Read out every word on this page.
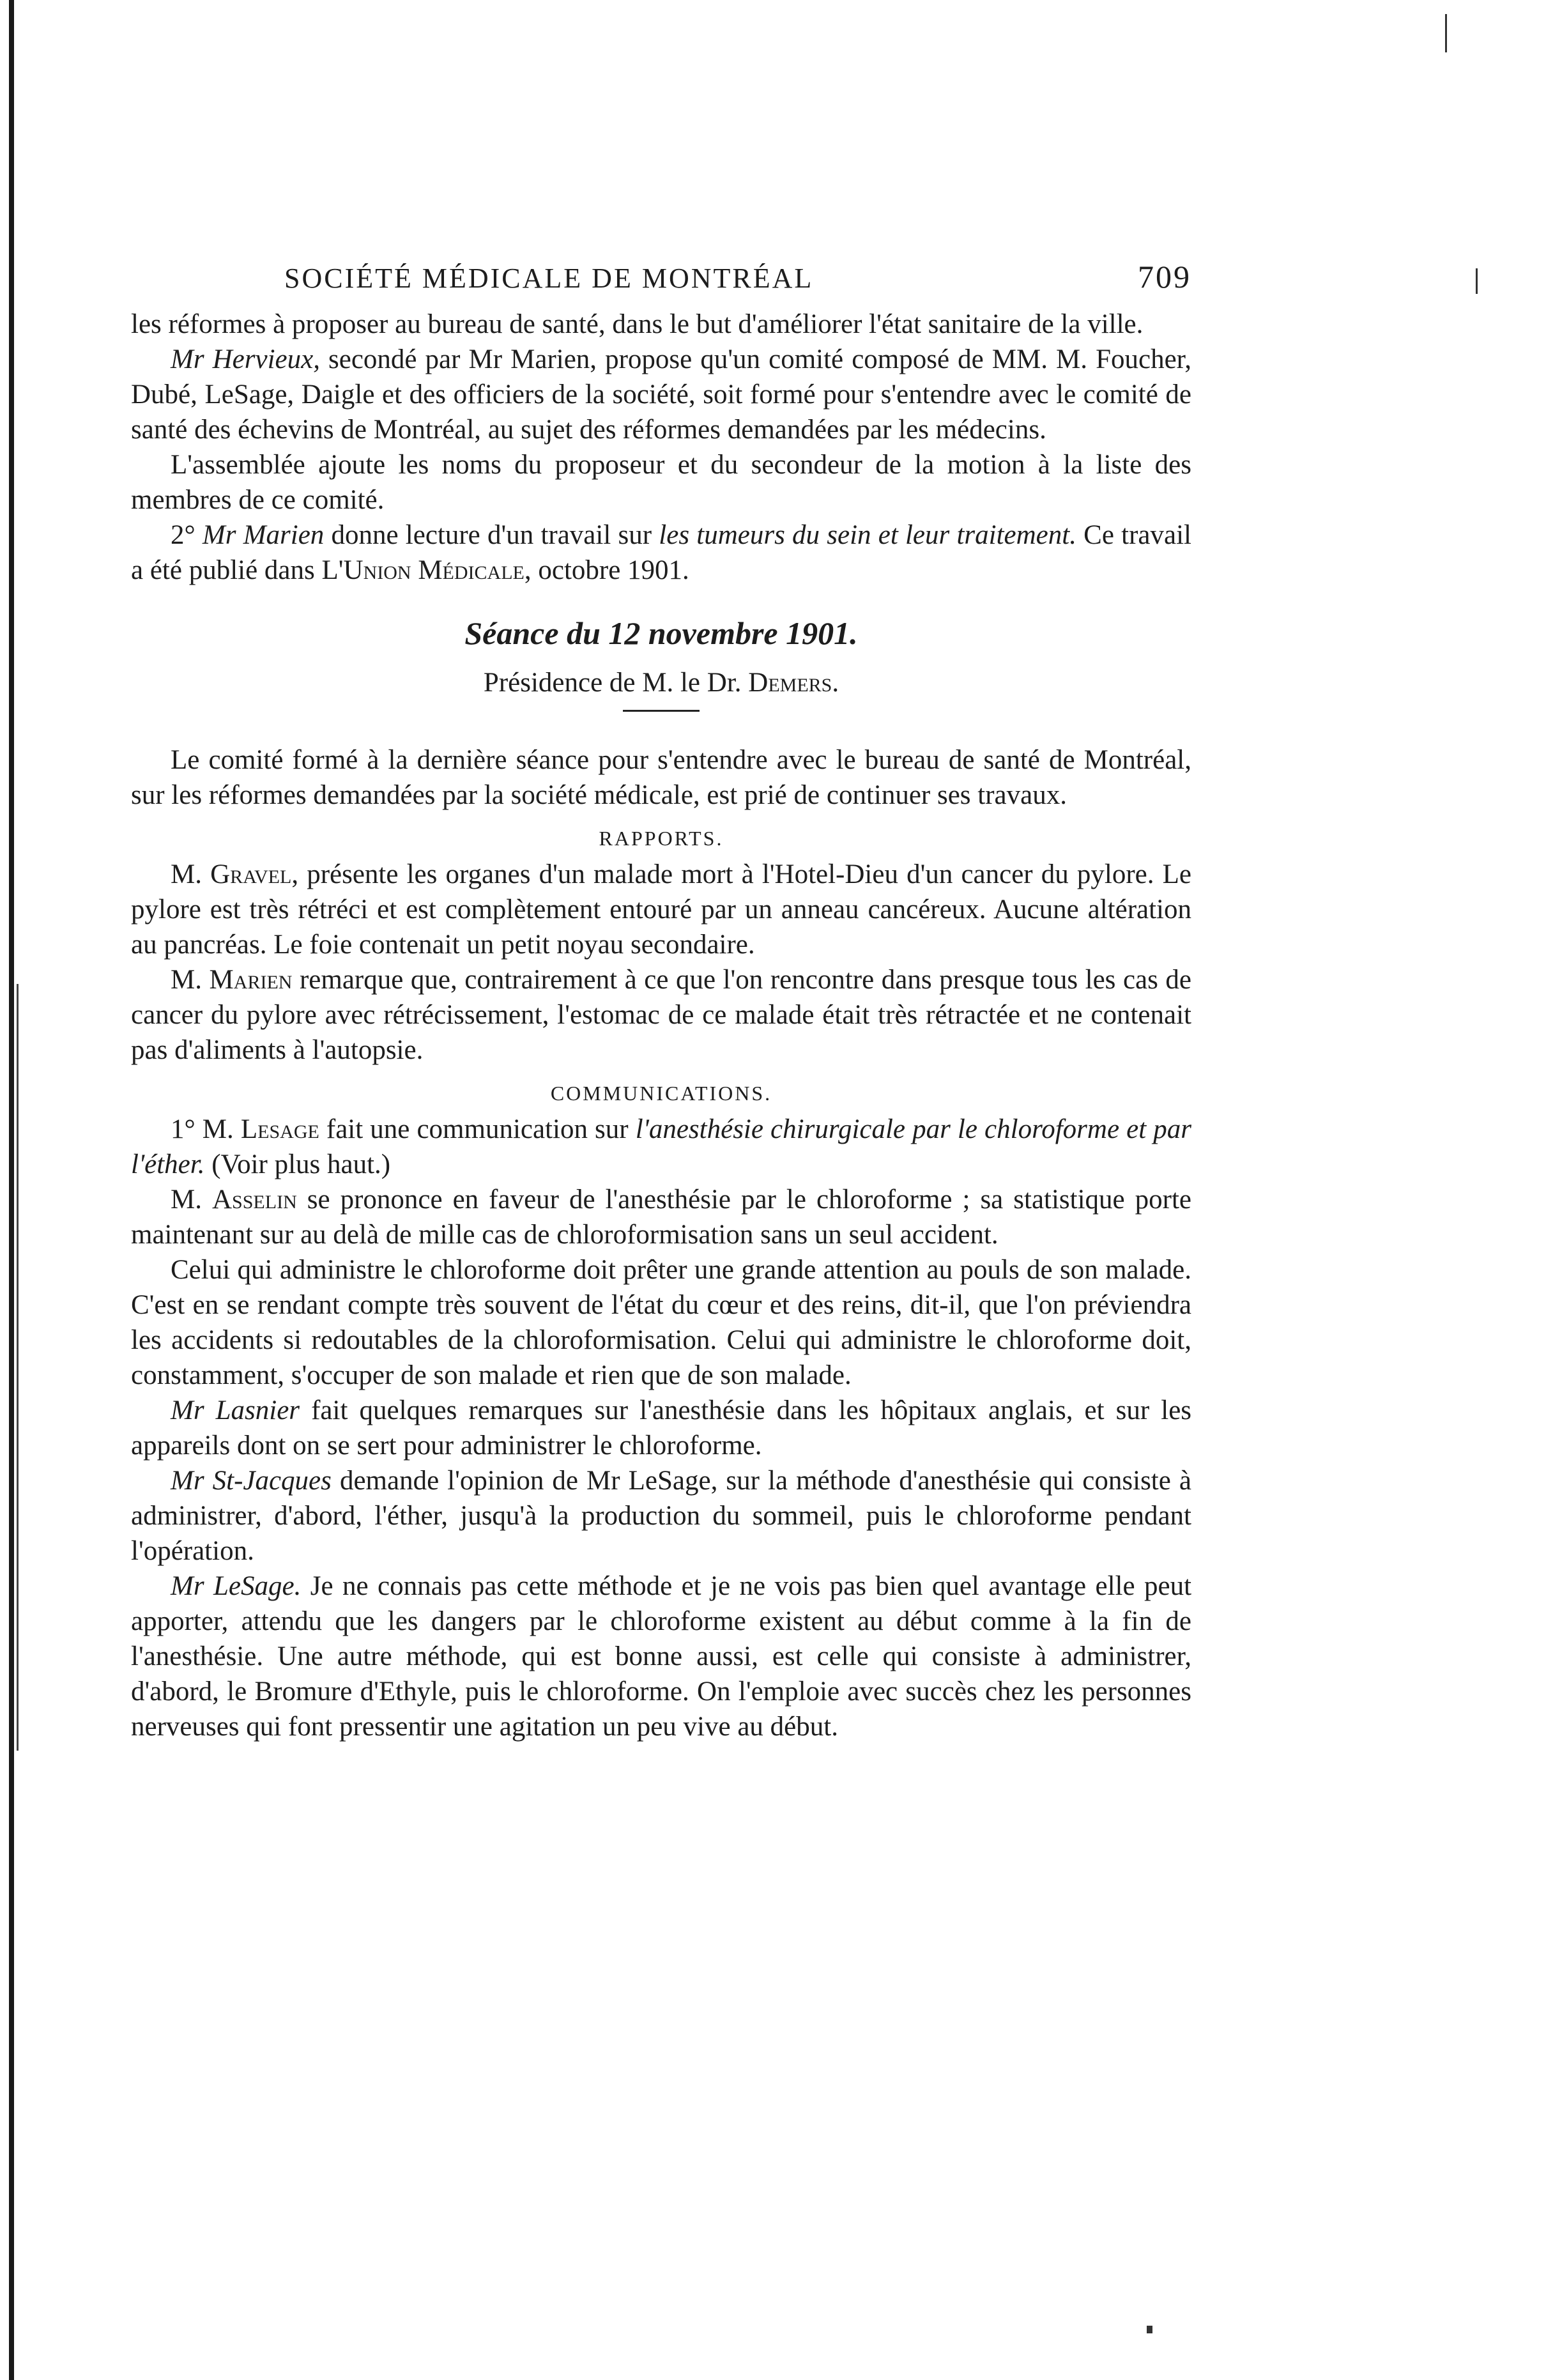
SOCIÉTÉ MÉDICALE DE MONTRÉAL	709

les réformes à proposer au bureau de santé, dans le but d'améliorer l'état sanitaire de la ville.

Mr Hervieux, secondé par Mr Marien, propose qu'un comité composé de MM. M. Foucher, Dubé, LeSage, Daigle et des officiers de la société, soit formé pour s'entendre avec le comité de santé des échevins de Montréal, au sujet des réformes demandées par les médecins.

L'assemblée ajoute les noms du proposeur et du secondeur de la motion à la liste des membres de ce comité.

2° Mr Marien donne lecture d'un travail sur les tumeurs du sein et leur traitement. Ce travail a été publié dans L'Union Médicale, octobre 1901.

Séance du 12 novembre 1901.
Présidence de M. le Dr. Demers.

Le comité formé à la dernière séance pour s'entendre avec le bureau de santé de Montréal, sur les réformes demandées par la société médicale, est prié de continuer ses travaux.

RAPPORTS.

M. Gravel, présente les organes d'un malade mort à l'Hotel-Dieu d'un cancer du pylore. Le pylore est très rétréci et est complètement entouré par un anneau cancéreux. Aucune altération au pancréas. Le foie contenait un petit noyau secondaire.

M. Marien remarque que, contrairement à ce que l'on rencontre dans presque tous les cas de cancer du pylore avec rétrécissement, l'estomac de ce malade était très rétractée et ne contenait pas d'aliments à l'autopsie.

COMMUNICATIONS.

1° M. Lesage fait une communication sur l'anesthésie chirurgicale par le chloroforme et par l'éther. (Voir plus haut.)

M. Asselin se prononce en faveur de l'anesthésie par le chloroforme ; sa statistique porte maintenant sur au delà de mille cas de chloroformisation sans un seul accident.

Celui qui administre le chloroforme doit prêter une grande attention au pouls de son malade. C'est en se rendant compte très souvent de l'état du cœur et des reins, dit-il, que l'on préviendra les accidents si redoutables de la chloroformisation. Celui qui administre le chloroforme doit, constamment, s'occuper de son malade et rien que de son malade.

Mr Lasnier fait quelques remarques sur l'anesthésie dans les hôpitaux anglais, et sur les appareils dont on se sert pour administrer le chloroforme.

Mr St-Jacques demande l'opinion de Mr LeSage, sur la méthode d'anesthésie qui consiste à administrer, d'abord, l'éther, jusqu'à la production du sommeil, puis le chloroforme pendant l'opération.

Mr LeSage. Je ne connais pas cette méthode et je ne vois pas bien quel avantage elle peut apporter, attendu que les dangers par le chloroforme existent au début comme à la fin de l'anesthésie. Une autre méthode, qui est bonne aussi, est celle qui consiste à administrer, d'abord, le Bromure d'Ethyle, puis le chloroforme. On l'emploie avec succès chez les personnes nerveuses qui font pressentir une agitation un peu vive au début.
